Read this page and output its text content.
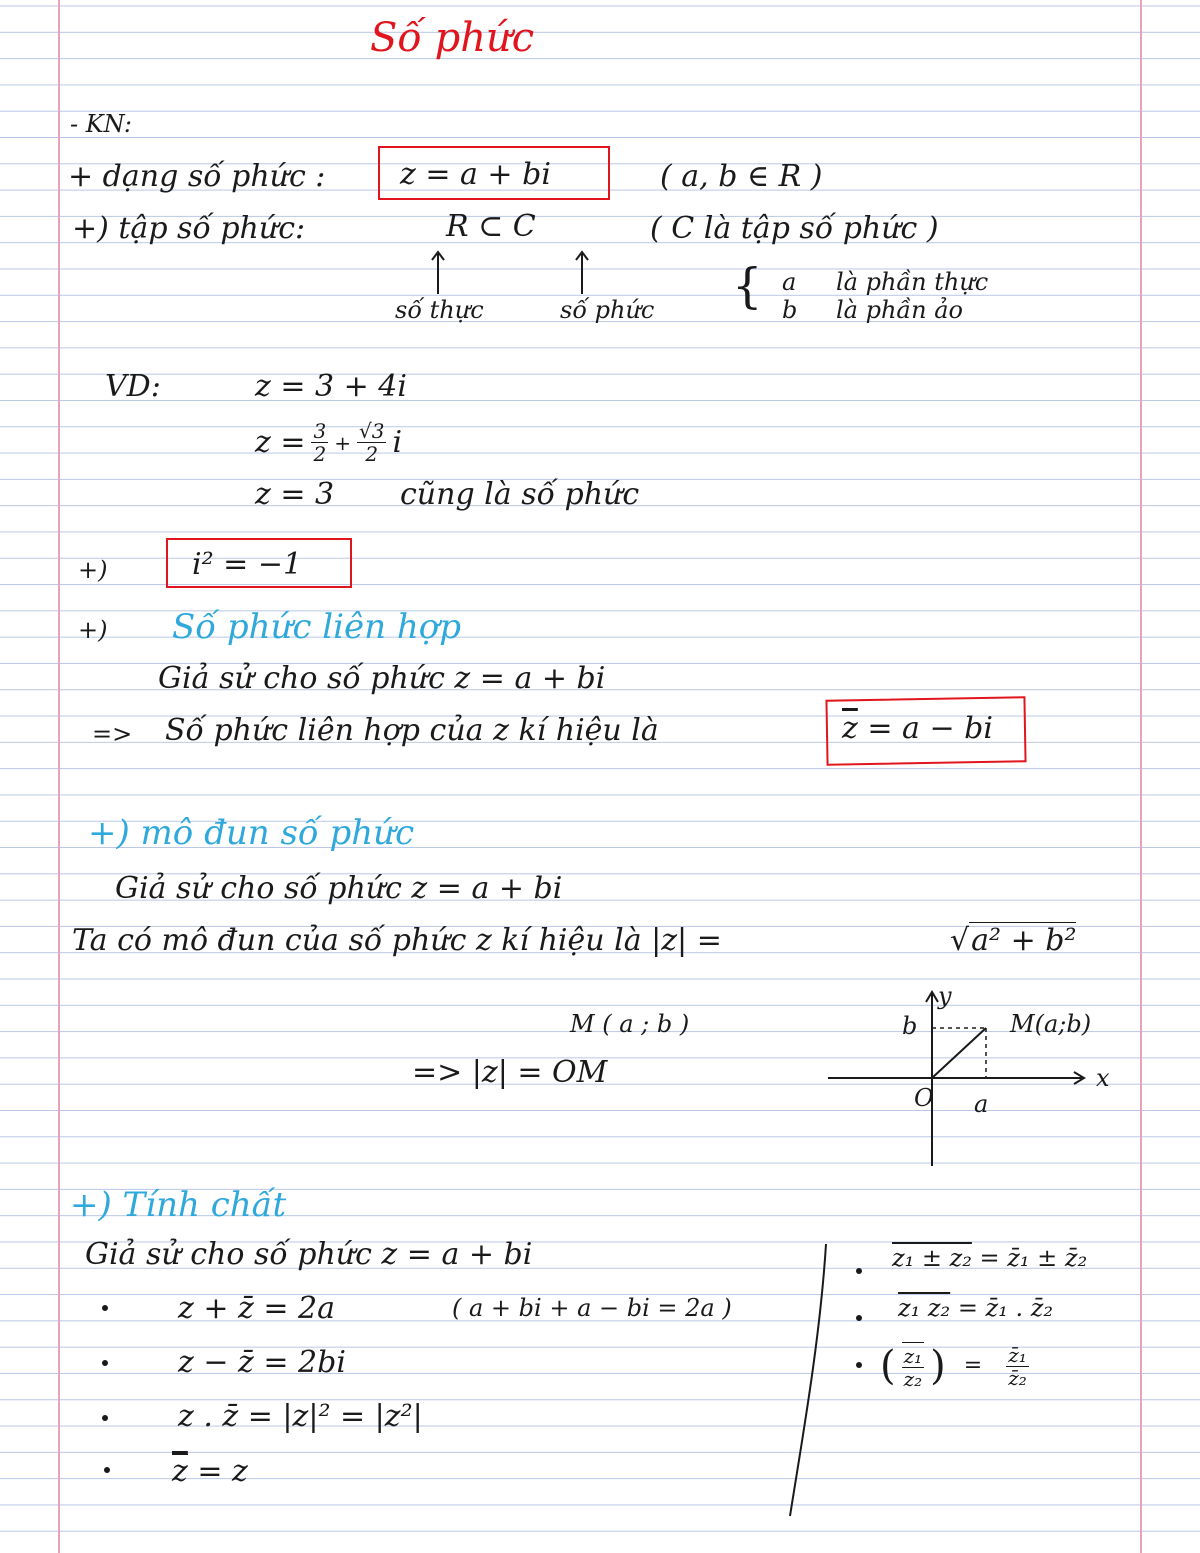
Số phức
- KN:
+ dạng số phức : z = a + bi	( a, b ∈ R )
+) tập số phức:	R ⊂ C	( C là tập số phức )
số thực	số phức { a là phần thực
b là phần ảo
VD:	z = 3 + 4i
$z = \frac{3}{2} + \frac{√3}{2}$ i
z = 3 cũng là số phức
+)	i² = −1
+) Số phức liên hợp
Giả sử cho số phức z = a + bi
=> Số phức liên hợp của z kí hiệu là	$\overline{z} = a$ − bi
+) mô đun số phức
Giả sử cho số phức z = a + bi
Ta có mô đun của số phức z kí hiệu là |z| =	√a² + b²
M ( a ; b )
=> |z| = OM
y
x
b
a
O
M(a;b)
+) Tính chất
Giả sử cho số phức z = a + bi
z + z̄ = 2a	( a + bi + a − bi = 2a )
z − z̄ = 2bi
z . z̄ = |z|² = |z²|
$\overline{z} = z$
z₁ ± z₂ = z̄₁ ± z̄₂
z₁ z₂ = z̄₁ . z̄₂
( $\frac{\text{z₁}}{\text{z₂}}$ ) = $\frac{\text{z̄₁}}{\text{z̄₂}}$
